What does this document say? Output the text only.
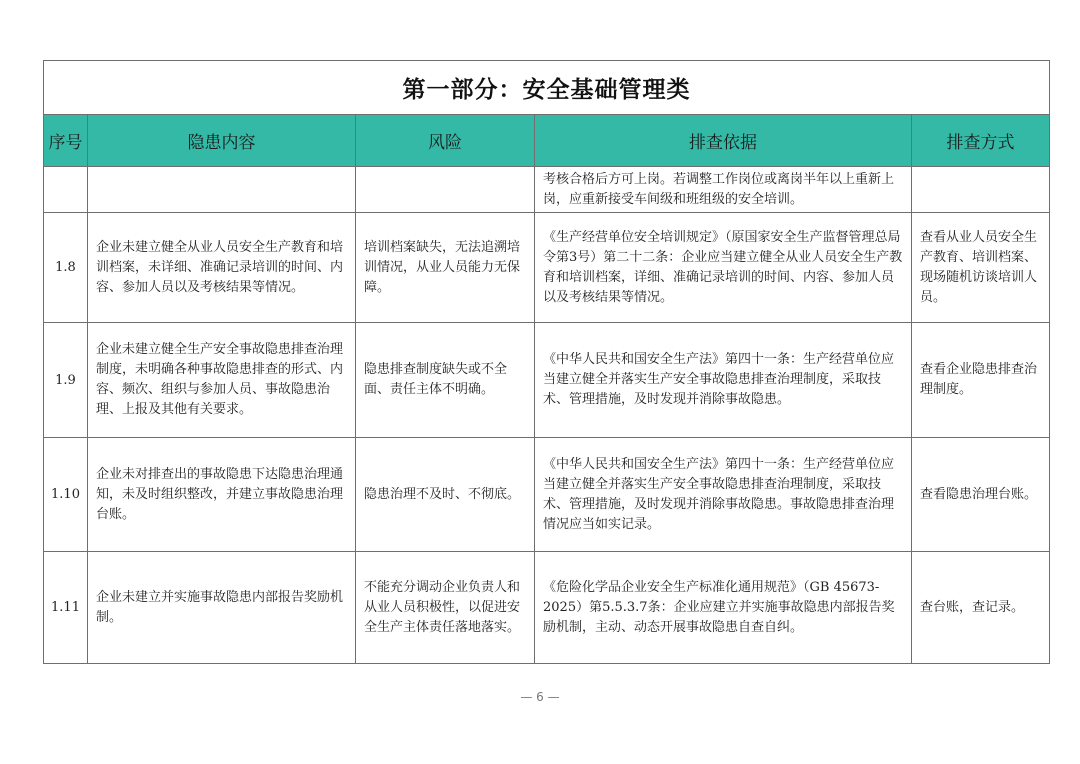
第一部分：安全基础管理类				
序号	隐患内容	风险	排查依据	排查方式
			考核合格后方可上岗。若调整工作岗位或离岗半年以上重新上岗，应重新接受车间级和班组级的安全培训。	
1.8	企业未建立健全从业人员安全生产教育和培训档案，未详细、准确记录培训的时间、内容、参加人员以及考核结果等情况。	培训档案缺失，无法追溯培训情况，从业人员能力无保障。	《生产经营单位安全培训规定》（原国家安全生产监督管理总局令第3号）第二十二条：企业应当建立健全从业人员安全生产教育和培训档案，详细、准确记录培训的时间、内容、参加人员以及考核结果等情况。	查看从业人员安全生产教育、培训档案、现场随机访谈培训人员。
1.9	企业未建立健全生产安全事故隐患排查治理制度，未明确各种事故隐患排查的形式、内容、频次、组织与参加人员、事故隐患治理、上报及其他有关要求。	隐患排查制度缺失或不全面、责任主体不明确。	《中华人民共和国安全生产法》第四十一条：生产经营单位应当建立健全并落实生产安全事故隐患排查治理制度，采取技术、管理措施，及时发现并消除事故隐患。	查看企业隐患排查治理制度。
1.10	企业未对排查出的事故隐患下达隐患治理通知，未及时组织整改，并建立事故隐患治理台账。	隐患治理不及时、不彻底。	《中华人民共和国安全生产法》第四十一条：生产经营单位应当建立健全并落实生产安全事故隐患排查治理制度，采取技术、管理措施，及时发现并消除事故隐患。事故隐患排查治理情况应当如实记录。	查看隐患治理台账。
1.11	企业未建立并实施事故隐患内部报告奖励机制。	不能充分调动企业负责人和从业人员积极性，以促进安全生产主体责任落地落实。	《危险化学品企业安全生产标准化通用规范》（GB 45673-2025）第5.5.3.7条：企业应建立并实施事故隐患内部报告奖励机制，主动、动态开展事故隐患自查自纠。	查台账，查记录。
— 6 —
